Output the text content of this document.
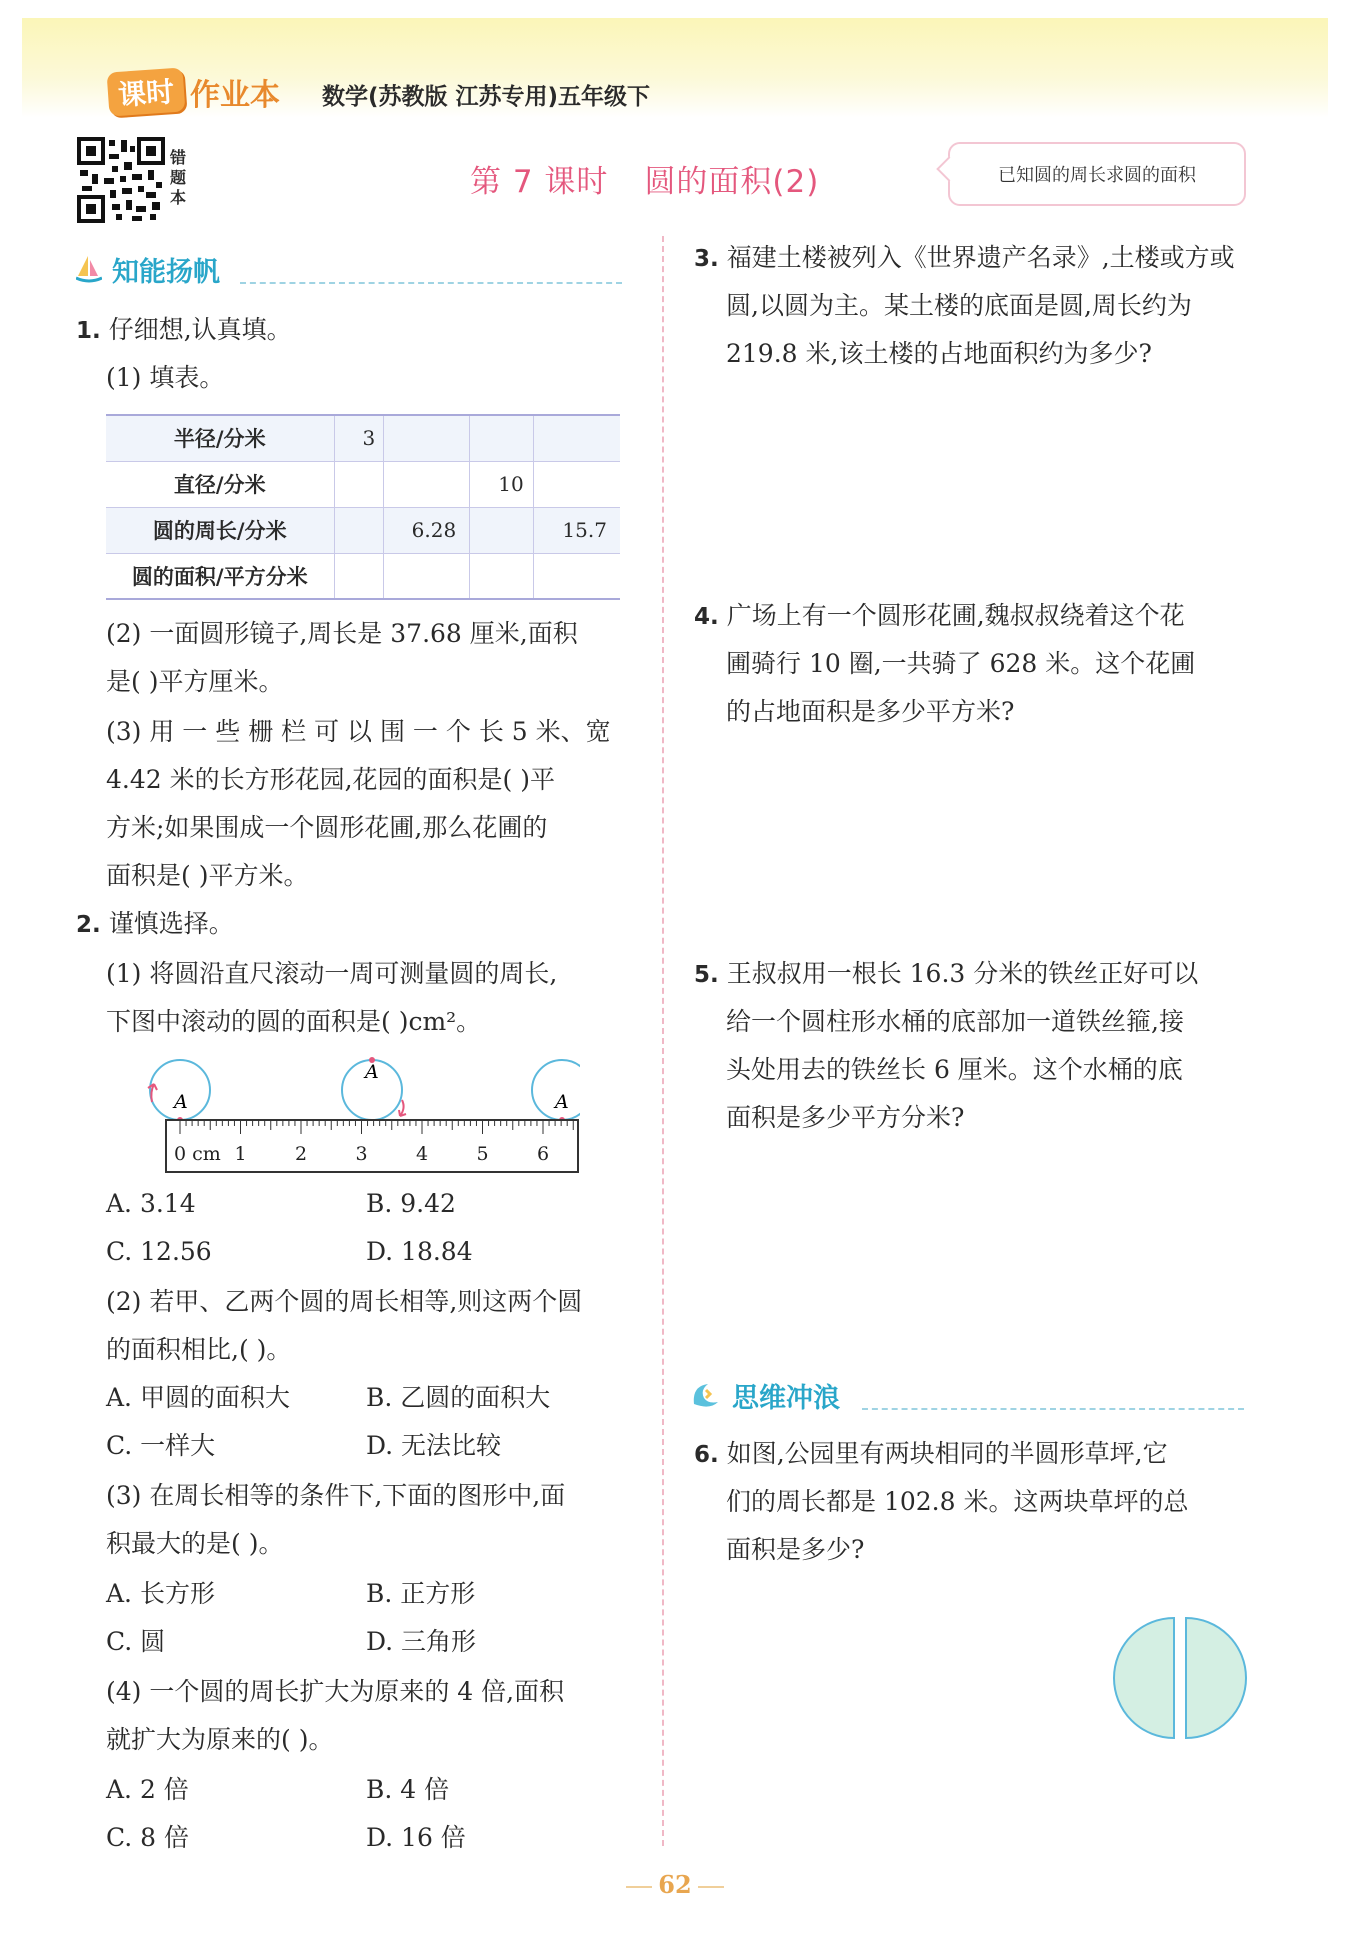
课时 作业本 数学(苏教版 江苏专用)五年级下
错题本	第 7 课时 圆的面积(2)	已知圆的周长求圆的面积
知能扬帆
1. 仔细想,认真填。
(1) 填表。
半径/分米	3			
直径/分米			10	
圆的周长/分米		6.28		15.7
圆的面积/平方分米				
(2) 一面圆形镜子,周长是 37.68 厘米,面积
是( )平方厘米。
(3) 用 一 些 栅 栏 可 以 围 一 个 长 5 米、宽
4.42 米的长方形花园,花园的面积是( )平
方米;如果围成一个圆形花圃,那么花圃的
面积是( )平方米。
2. 谨慎选择。
(1) 将圆沿直尺滚动一周可测量圆的周长,
下图中滚动的圆的面积是( )cm²。
0 cm 1	2	3	4	5	6
A
A
A
A. 3.14	B. 9.42
C. 12.56	D. 18.84
(2) 若甲、乙两个圆的周长相等,则这两个圆
的面积相比,( )。
A. 甲圆的面积大	B. 乙圆的面积大
C. 一样大	D. 无法比较
(3) 在周长相等的条件下,下面的图形中,面
积最大的是( )。
A. 长方形	B. 正方形
C. 圆	D. 三角形
(4) 一个圆的周长扩大为原来的 4 倍,面积
就扩大为原来的( )。
A. 2 倍	B. 4 倍
C. 8 倍	D. 16 倍
3. 福建土楼被列入《世界遗产名录》,土楼或方或
圆,以圆为主。某土楼的底面是圆,周长约为
219.8 米,该土楼的占地面积约为多少?
4. 广场上有一个圆形花圃,魏叔叔绕着这个花
圃骑行 10 圈,一共骑了 628 米。这个花圃
的占地面积是多少平方米?
5. 王叔叔用一根长 16.3 分米的铁丝正好可以
给一个圆柱形水桶的底部加一道铁丝箍,接
头处用去的铁丝长 6 厘米。这个水桶的底
面积是多少平方分米?
思维冲浪
6. 如图,公园里有两块相同的半圆形草坪,它
们的周长都是 102.8 米。这两块草坪的总
面积是多少?
62
